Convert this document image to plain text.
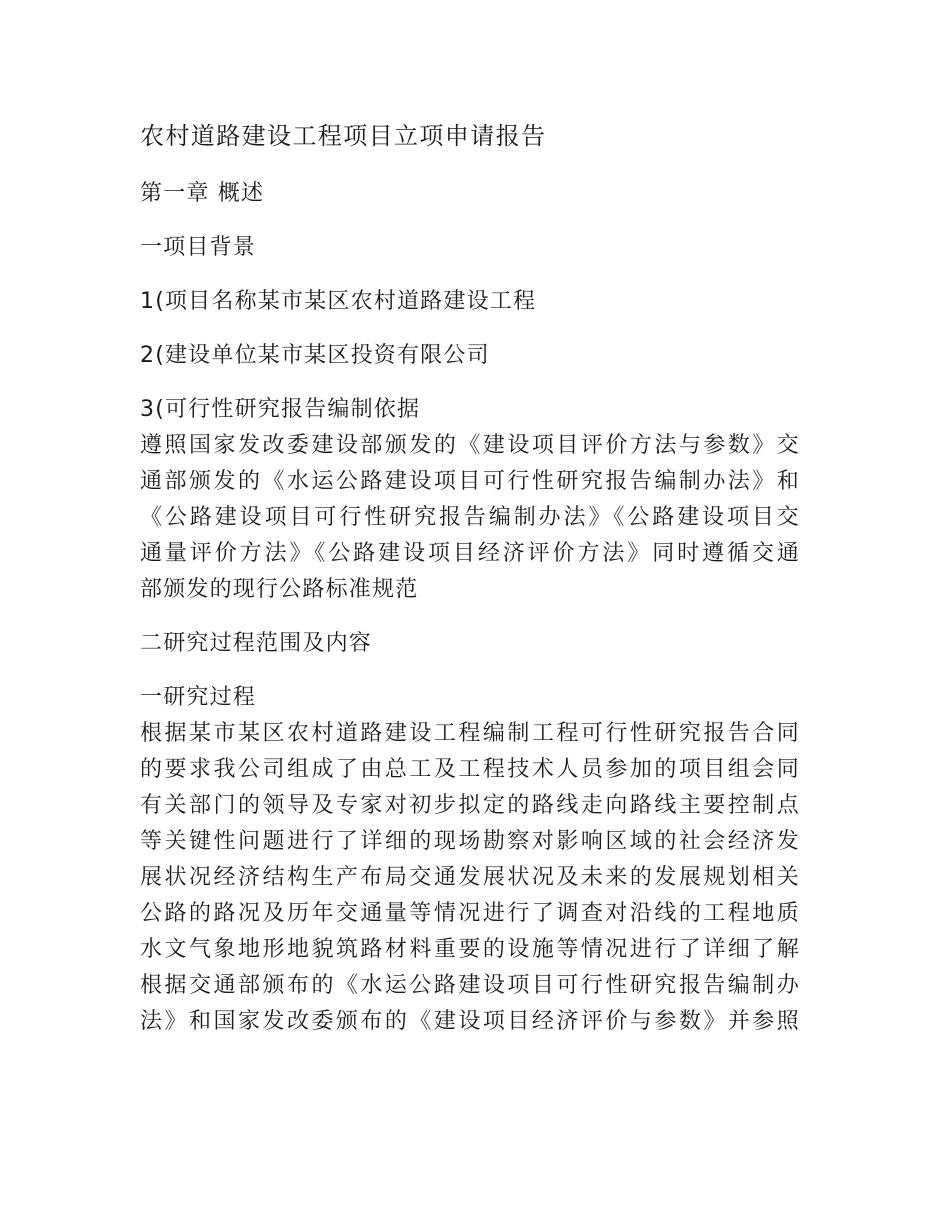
农村道路建设工程项目立项申请报告

第一章 概述

一项目背景

1(项目名称某市某区农村道路建设工程

2(建设单位某市某区投资有限公司

3(可行性研究报告编制依据

遵照国家发改委建设部颁发的《建设项目评价方法与参数》交
通部颁发的《水运公路建设项目可行性研究报告编制办法》和
《公路建设项目可行性研究报告编制办法》《公路建设项目交
通量评价方法》《公路建设项目经济评价方法》同时遵循交通
部颁发的现行公路标准规范

二研究过程范围及内容

一研究过程

根据某市某区农村道路建设工程编制工程可行性研究报告合同
的要求我公司组成了由总工及工程技术人员参加的项目组会同
有关部门的领导及专家对初步拟定的路线走向路线主要控制点
等关键性问题进行了详细的现场勘察对影响区域的社会经济发
展状况经济结构生产布局交通发展状况及未来的发展规划相关
公路的路况及历年交通量等情况进行了调查对沿线的工程地质
水文气象地形地貌筑路材料重要的设施等情况进行了详细了解
根据交通部颁布的《水运公路建设项目可行性研究报告编制办
法》和国家发改委颁布的《建设项目经济评价与参数》并参照
